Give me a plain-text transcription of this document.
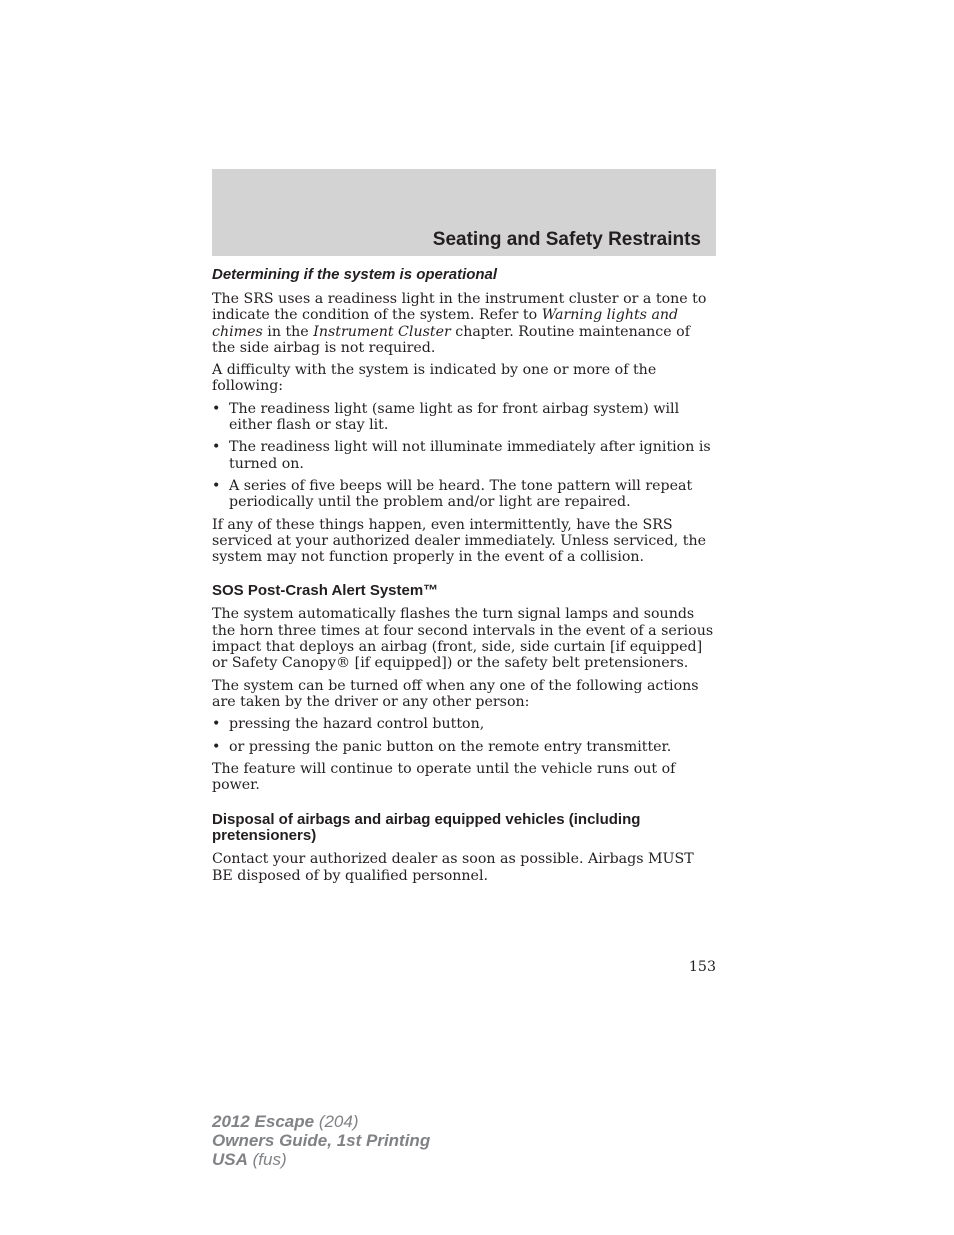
Seating and Safety Restraints
Determining if the system is operational

The SRS uses a readiness light in the instrument cluster or a tone to indicate the condition of the system. Refer to Warning lights and chimes in the Instrument Cluster chapter. Routine maintenance of the side airbag is not required.

A difficulty with the system is indicated by one or more of the following:

• The readiness light (same light as for front airbag system) will either flash or stay lit.
• The readiness light will not illuminate immediately after ignition is turned on.
• A series of five beeps will be heard. The tone pattern will repeat periodically until the problem and/or light are repaired.

If any of these things happen, even intermittently, have the SRS serviced at your authorized dealer immediately. Unless serviced, the system may not function properly in the event of a collision.

SOS Post-Crash Alert System™

The system automatically flashes the turn signal lamps and sounds the horn three times at four second intervals in the event of a serious impact that deploys an airbag (front, side, side curtain [if equipped] or Safety Canopy® [if equipped]) or the safety belt pretensioners.

The system can be turned off when any one of the following actions are taken by the driver or any other person:

• pressing the hazard control button,
• or pressing the panic button on the remote entry transmitter.

The feature will continue to operate until the vehicle runs out of power.

Disposal of airbags and airbag equipped vehicles (including pretensioners)

Contact your authorized dealer as soon as possible. Airbags MUST BE disposed of by qualified personnel.

153
2012 Escape (204)
Owners Guide, 1st Printing
USA (fus)
